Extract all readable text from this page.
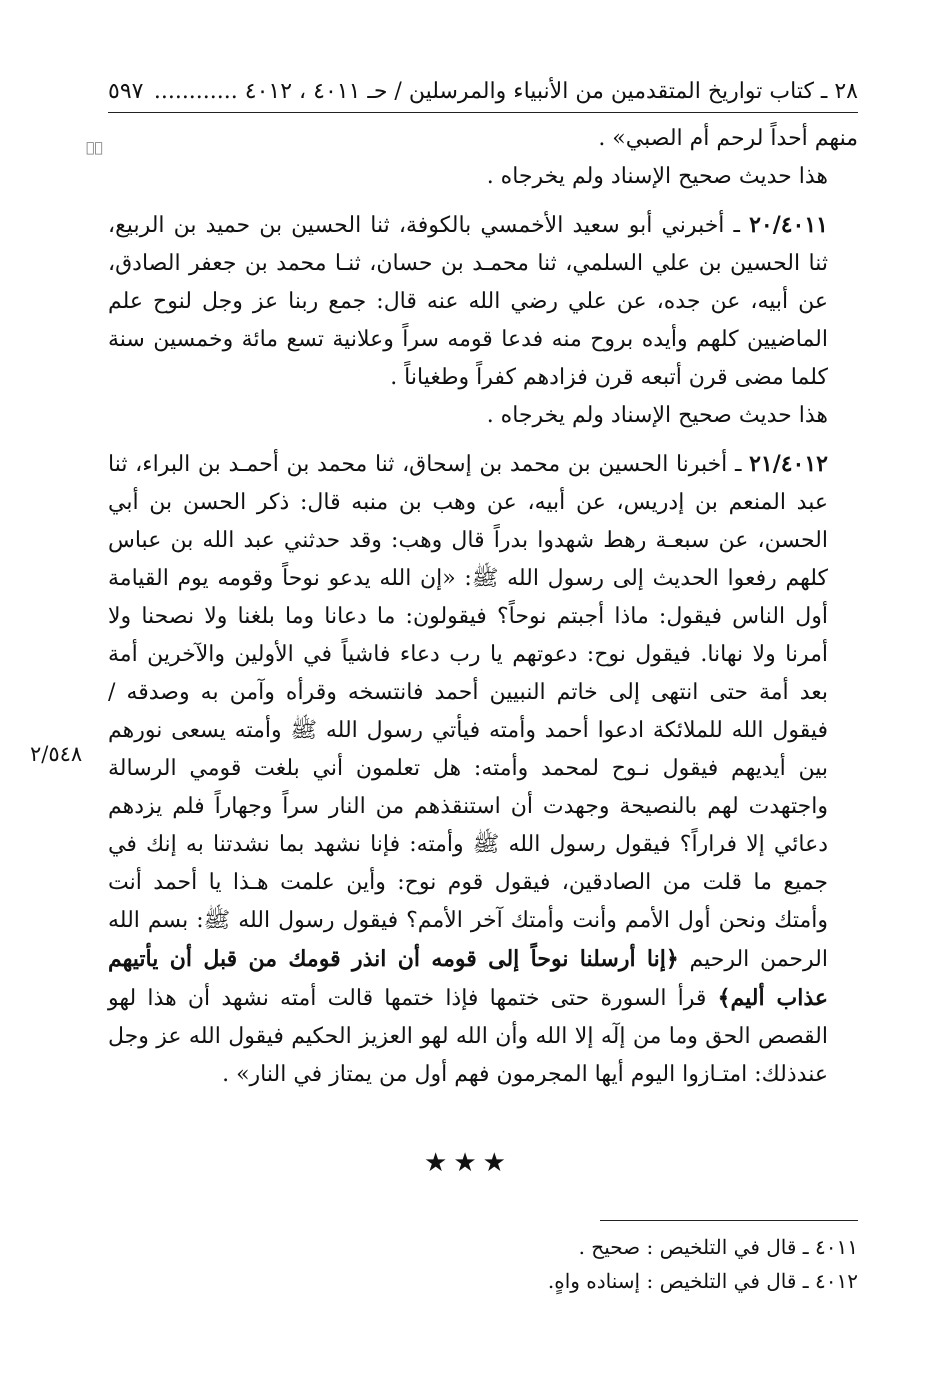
٢٨ ـ كتاب تواريخ المتقدمين من الأنبياء والمرسلين / حـ ٤٠١١ ، ٤٠١٢ ............
٥٩٧
٠ٞ	منهم أحداً لرحم أم الصبي» .

هذا حديث صحيح الإسناد ولم يخرجاه .

٢٠/٤٠١١ ـ أخبرني أبو سعيد الأخمسي بالكوفة، ثنا الحسين بن حميد بن الربيع، ثنا الحسين بن علي السلمي، ثنا محمـد بن حسان، ثنـا محمد بن جعفر الصادق، عن أبيه، عن جده، عن علي رضي الله عنه قال: جمع ربنا عز وجل لنوح علم الماضيين كلهم وأيده بروح منه فدعا قومه سراً وعلانية تسع مائة وخمسين سنة كلما مضى قرن أتبعه قرن فزادهم كفراً وطغياناً .

هذا حديث صحيح الإسناد ولم يخرجاه .

٢١/٤٠١٢ ـ أخبرنا الحسين بن محمد بن إسحاق، ثنا محمد بن أحمـد بن البراء، ثنا عبد المنعم بن إدريس، عن أبيه، عن وهب بن منبه قال: ذكر الحسن بن أبي الحسن، عن سبعـة رهط شهدوا بدراً قال وهب: وقد حدثني عبد الله بن عباس كلهم رفعوا الحديث إلى رسول الله ﷺ: «إن الله يدعو نوحاً وقومه يوم القيامة أول الناس فيقول: ماذا أجبتم نوحاً؟ فيقولون: ما دعانا وما بلغنا ولا نصحنا ولا أمرنا ولا نهانا. فيقول نوح: دعوتهم يا رب دعاء فاشياً في الأولين والآخرين أمة بعد أمة حتى انتهى إلى خاتم النبيين أحمد فانتسخه وقرأه وآمن به وصدقه / فيقول الله للملائكة ادعوا أحمد وأمته فيأتي رسول الله ﷺ وأمته يسعى نورهم بين أيديهم فيقول نـوح لمحمد وأمته: هل تعلمون أني بلغت قومي الرسالة واجتهدت لهم بالنصيحة وجهدت أن استنقذهم من النار سراً وجهاراً فلم يزدهم دعائي إلا فراراً؟ فيقول رسول الله ﷺ وأمته: فإنا نشهد بما نشدتنا به إنك في جميع ما قلت من الصادقين، فيقول قوم نوح: وأين علمت هـذا يا أحمد أنت وأمتك ونحن أول الأمم وأنت وأمتك آخر الأمم؟ فيقول رسول الله ﷺ: بسم الله الرحمن الرحيم ﴿إنا أرسلنا نوحاً إلى قومه أن انذر قومك من قبل أن يأتيهم عذاب أليم﴾ قرأ السورة حتى ختمها فإذا ختمها قالت أمته نشهد أن هذا لهو القصص الحق وما من إلٓه إلا الله وأن الله لهو العزيز الحكيم فيقول الله عز وجل عندذلك: امتـازوا اليوم أيها المجرمون فهم أول من يمتاز في النار» .

٢/٥٤٨
★★★
٤٠١١ ـ قال في التلخيص : صحيح .
٤٠١٢ ـ قال في التلخيص : إسناده واهٍ.
